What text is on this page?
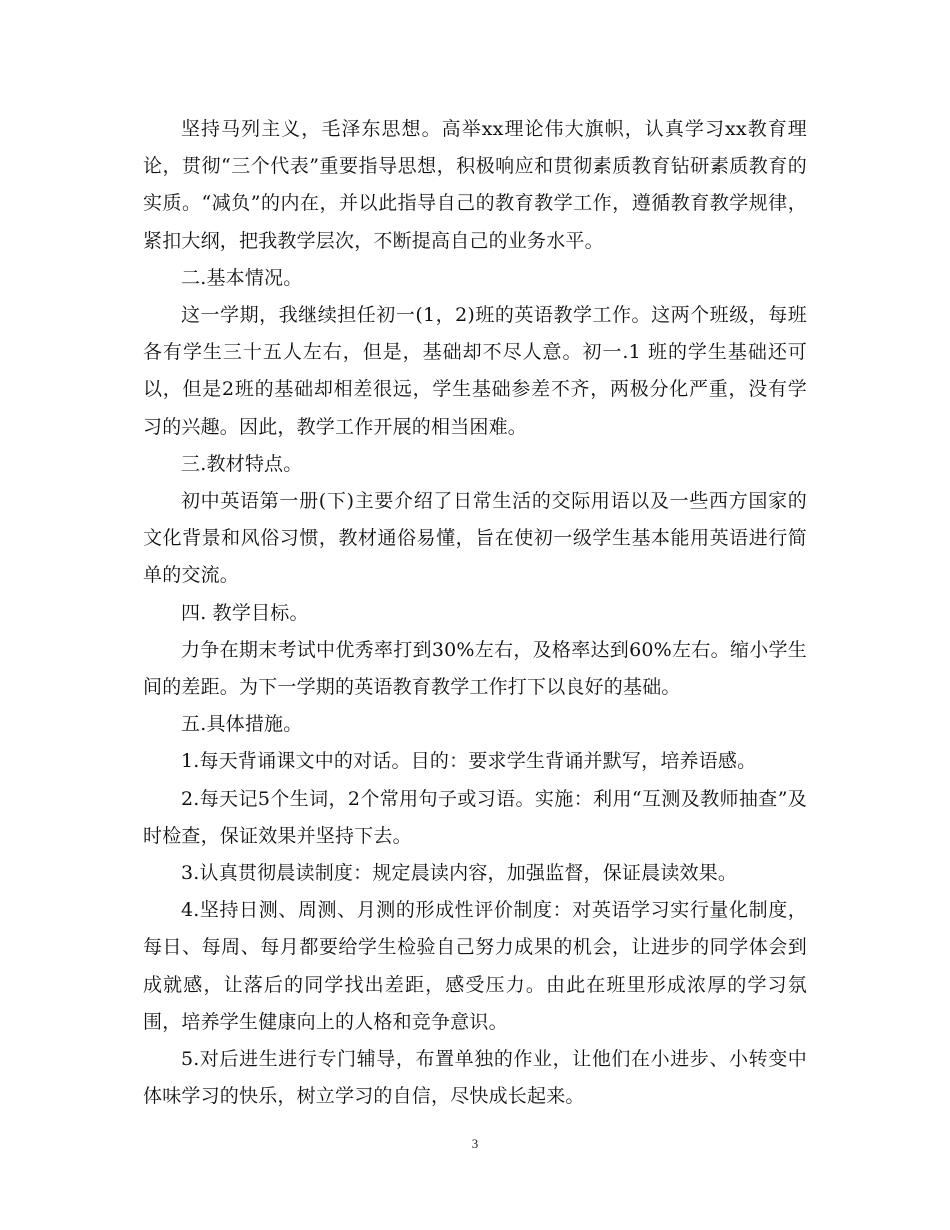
坚持马列主义，毛泽东思想。高举xx理论伟大旗帜，认真学习xx教育理论，贯彻“三个代表”重要指导思想，积极响应和贯彻素质教育钻研素质教育的实质。“减负”的内在，并以此指导自己的教育教学工作，遵循教育教学规律，紧扣大纲，把我教学层次，不断提高自己的业务水平。

二.基本情况。

这一学期，我继续担任初一(1，2)班的英语教学工作。这两个班级，每班各有学生三十五人左右，但是，基础却不尽人意。初一.1 班的学生基础还可以，但是2班的基础却相差很远，学生基础参差不齐，两极分化严重，没有学习的兴趣。因此，教学工作开展的相当困难。

三.教材特点。

初中英语第一册(下)主要介绍了日常生活的交际用语以及一些西方国家的文化背景和风俗习惯，教材通俗易懂，旨在使初一级学生基本能用英语进行简单的交流。

四. 教学目标。

力争在期末考试中优秀率打到30%左右，及格率达到60%左右。缩小学生间的差距。为下一学期的英语教育教学工作打下以良好的基础。

五.具体措施。

1.每天背诵课文中的对话。目的：要求学生背诵并默写，培养语感。

2.每天记5个生词，2个常用句子或习语。实施：利用“互测及教师抽查”及时检查，保证效果并坚持下去。

3.认真贯彻晨读制度：规定晨读内容，加强监督，保证晨读效果。

4.坚持日测、周测、月测的形成性评价制度：对英语学习实行量化制度，每日、每周、每月都要给学生检验自己努力成果的机会，让进步的同学体会到成就感，让落后的同学找出差距，感受压力。由此在班里形成浓厚的学习氛围，培养学生健康向上的人格和竞争意识。

5.对后进生进行专门辅导，布置单独的作业，让他们在小进步、小转变中体味学习的快乐，树立学习的自信，尽快成长起来。

3
